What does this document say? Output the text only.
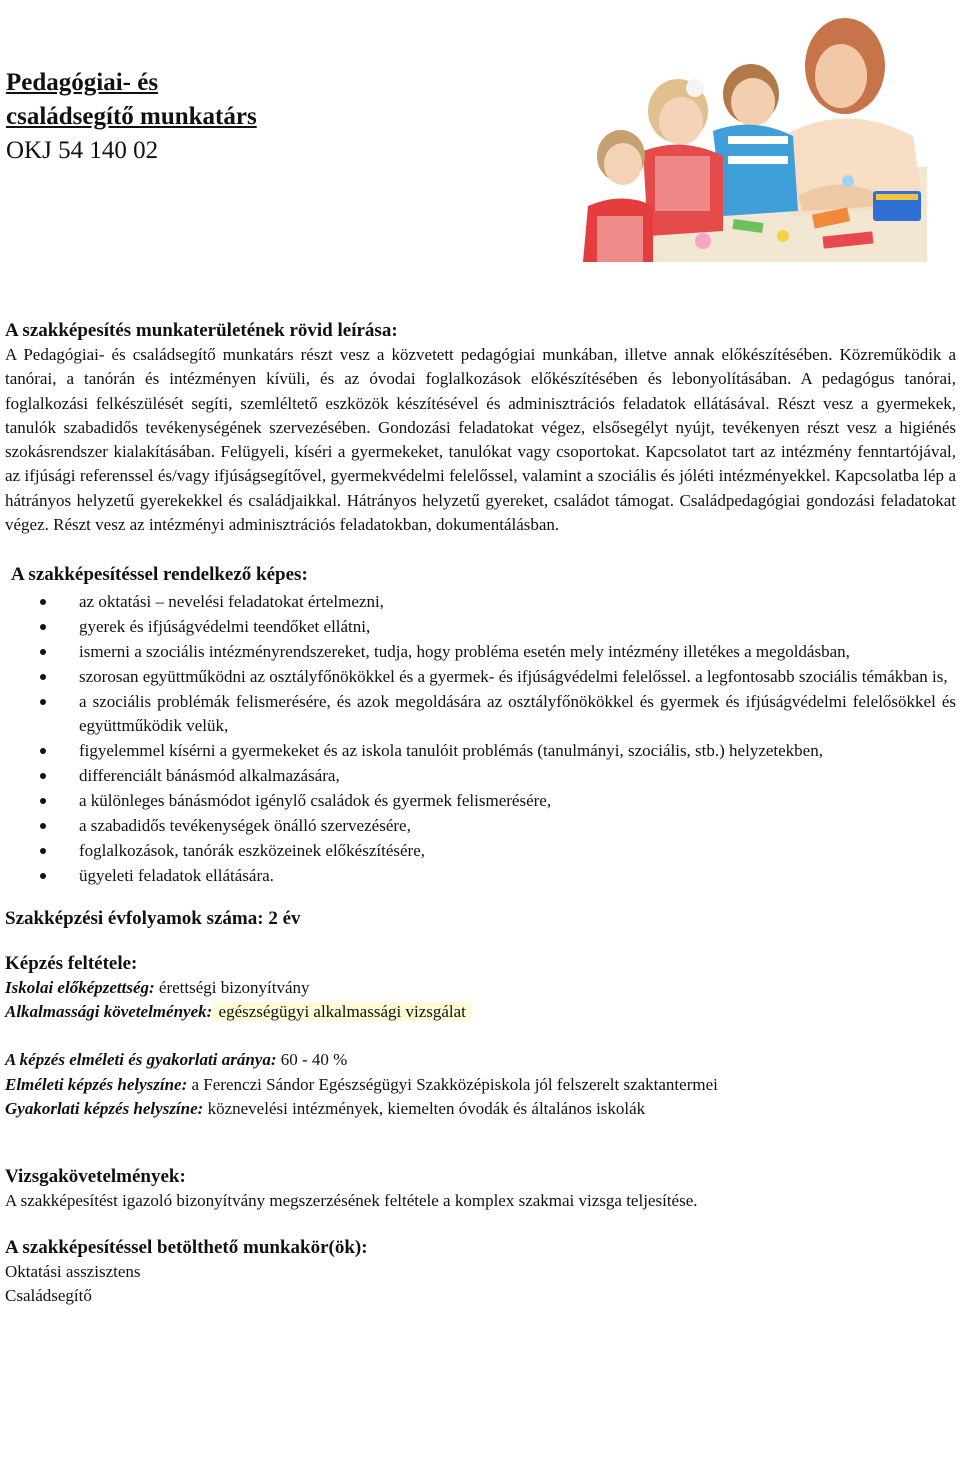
Pedagógiai- és
családsegítő munkatárs
OKJ 54 140 02
A szakképesítés munkaterületének rövid leírása:
A Pedagógiai- és családsegítő munkatárs részt vesz a közvetett pedagógiai munkában, illetve annak előkészítésében. Közreműködik a tanórai, a tanórán és intézményen kívüli, és az óvodai foglalkozások előkészítésében és lebonyolításában. A pedagógus tanórai, foglalkozási felkészülését segíti, szemléltető eszközök készítésével és adminisztrációs feladatok ellátásával. Részt vesz a gyermekek, tanulók szabadidős tevékenységének szervezésében. Gondozási feladatokat végez, elsősegélyt nyújt, tevékenyen részt vesz a higiénés szokásrendszer kialakításában. Felügyeli, kíséri a gyermekeket, tanulókat vagy csoportokat. Kapcsolatot tart az intézmény fenntartójával, az ifjúsági referenssel és/vagy ifjúságsegítővel, gyermekvédelmi felelőssel, valamint a szociális és jóléti intézményekkel. Kapcsolatba lép a hátrányos helyzetű gyerekekkel és családjaikkal. Hátrányos helyzetű gyereket, családot támogat. Családpedagógiai gondozási feladatokat végez. Részt vesz az intézményi adminisztrációs feladatokban, dokumentálásban.
A szakképesítéssel rendelkező képes:
az oktatási – nevelési feladatokat értelmezni,
gyerek és ifjúságvédelmi teendőket ellátni,
ismerni a szociális intézményrendszereket, tudja, hogy probléma esetén mely intézmény illetékes a megoldásban,
szorosan együttműködni az osztályfőnökökkel és a gyermek- és ifjúságvédelmi felelőssel. a legfontosabb szociális témákban is,
a szociális problémák felismerésére, és azok megoldására az osztályfőnökökkel és gyermek és ifjúságvédelmi felelősökkel és együttműködik velük,
figyelemmel kísérni a gyermekeket és az iskola tanulóit problémás (tanulmányi, szociális, stb.) helyzetekben,
differenciált bánásmód alkalmazására,
a különleges bánásmódot igénylő családok és gyermek felismerésére,
a szabadidős tevékenységek önálló szervezésére,
foglalkozások, tanórák eszközeinek előkészítésére,
ügyeleti feladatok ellátására.
Szakképzési évfolyamok száma: 2 év
Képzés feltétele:
Iskolai előképzettség: érettségi bizonyítvány
Alkalmassági követelmények: egészségügyi alkalmassági vizsgálat
A képzés elméleti és gyakorlati aránya: 60 - 40 %
Elméleti képzés helyszíne: a Ferenczi Sándor Egészségügyi Szakközépiskola jól felszerelt szaktantermei
Gyakorlati képzés helyszíne: köznevelési intézmények, kiemelten óvodák és általános iskolák
Vizsgakövetelmények:
A szakképesítést igazoló bizonyítvány megszerzésének feltétele a komplex szakmai vizsga teljesítése.
A szakképesítéssel betölthető munkakör(ök):
Oktatási asszisztens
Családsegítő
